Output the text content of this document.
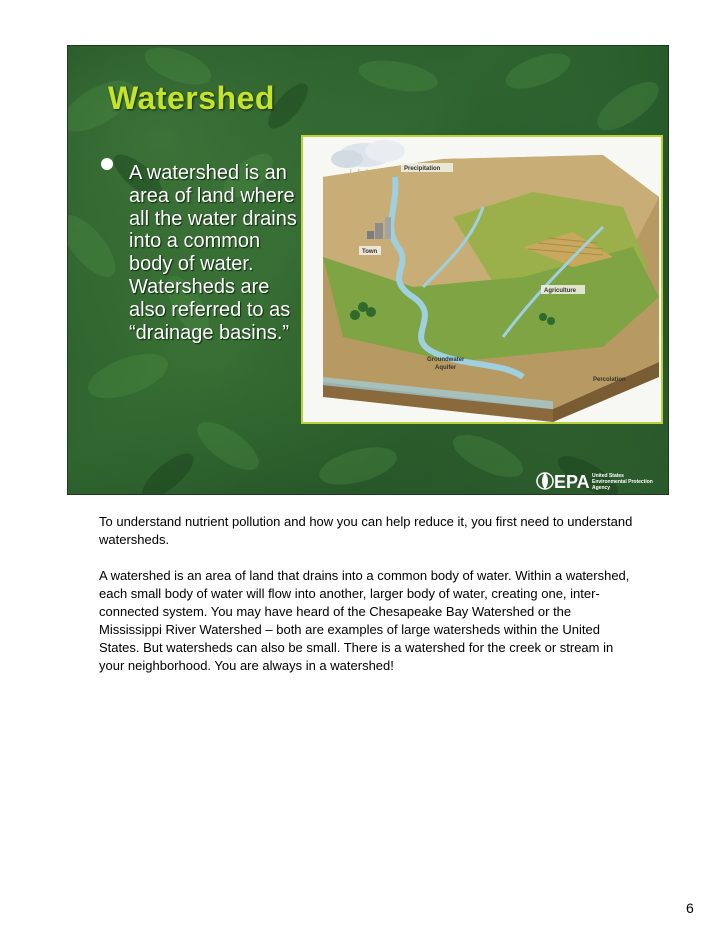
Watershed

A watershed is an area of land where all the water drains into a common body of water. Watersheds are also referred to as “drainage basins.”

Precipitation
Town
Agriculture
Groundwater
Aquifer
Percolation
EPA United States
Environmental Protection
Agency

To understand nutrient pollution and how you can help reduce it, you first need to understand watersheds.

A watershed is an area of land that drains into a common body of water. Within a watershed, each small body of water will flow into another, larger body of water, creating one, inter-connected system. You may have heard of the Chesapeake Bay Watershed or the Mississippi River Watershed – both are examples of large watersheds within the United States. But watersheds can also be small. There is a watershed for the creek or stream in your neighborhood. You are always in a watershed!

6
